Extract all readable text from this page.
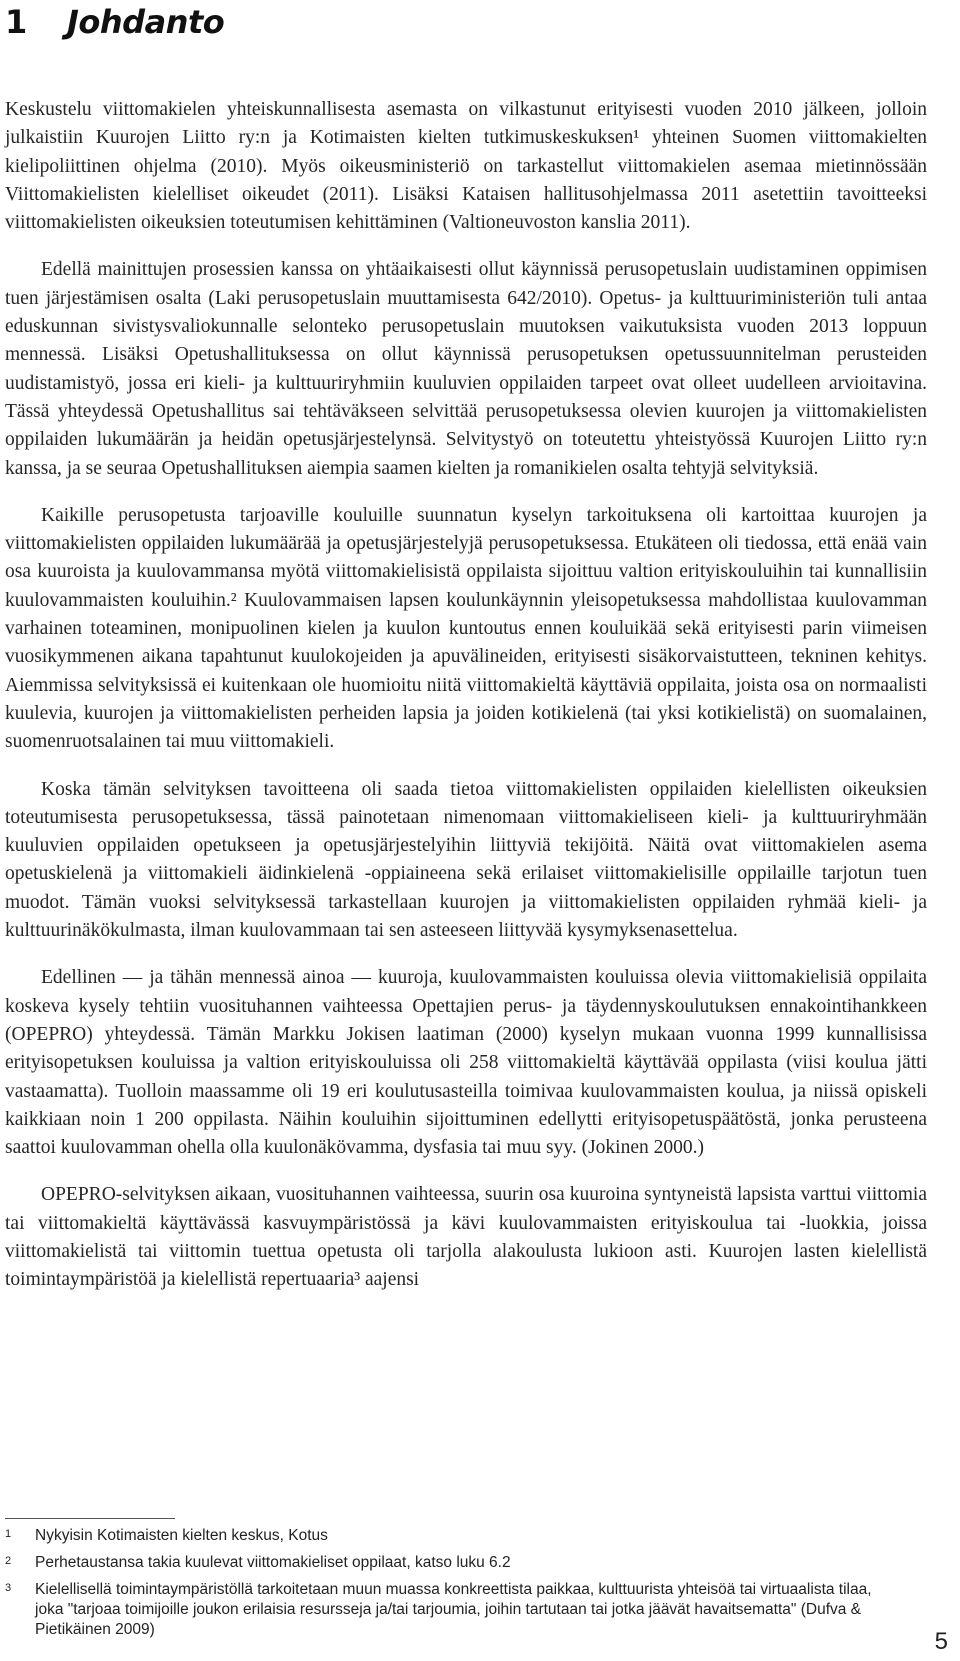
1 Johdanto

Keskustelu viittomakielen yhteiskunnallisesta asemasta on vilkastunut erityisesti vuoden 2010 jälkeen, jolloin julkaistiin Kuurojen Liitto ry:n ja Kotimaisten kielten tutkimuskeskuksen¹ yhteinen Suomen viittomakielten kielipoliittinen ohjelma (2010). Myös oikeusministeriö on tarkastellut viittomakielen asemaa mietinnössään Viittomakielisten kielelliset oikeudet (2011). Lisäksi Kataisen hallitusohjelmassa 2011 asetettiin tavoitteeksi viittomakielisten oikeuksien toteutumisen kehittäminen (Valtioneuvoston kanslia 2011).

Edellä mainittujen prosessien kanssa on yhtäaikaisesti ollut käynnissä perusopetuslain uudistaminen oppimisen tuen järjestämisen osalta (Laki perusopetuslain muuttamisesta 642/2010). Opetus- ja kulttuuriministeriön tuli antaa eduskunnan sivistysvaliokunnalle selonteko perusopetuslain muutoksen vaikutuksista vuoden 2013 loppuun mennessä. Lisäksi Opetushallituksessa on ollut käynnissä perusopetuksen opetussuunnitelman perusteiden uudistamistyö, jossa eri kieli- ja kulttuuriryhmiin kuuluvien oppilaiden tarpeet ovat olleet uudelleen arvioitavina. Tässä yhteydessä Opetushallitus sai tehtäväkseen selvittää perusopetuksessa olevien kuurojen ja viittomakielisten oppilaiden lukumäärän ja heidän opetusjärjestelynsä. Selvitystyö on toteutettu yhteistyössä Kuurojen Liitto ry:n kanssa, ja se seuraa Opetushallituksen aiempia saamen kielten ja romanikielen osalta tehtyjä selvityksiä.

Kaikille perusopetusta tarjoaville kouluille suunnatun kyselyn tarkoituksena oli kartoittaa kuurojen ja viittomakielisten oppilaiden lukumäärää ja opetusjärjestelyjä perusopetuksessa. Etukäteen oli tiedossa, että enää vain osa kuuroista ja kuulovammansa myötä viittomakielisistä oppilaista sijoittuu valtion erityiskouluihin tai kunnallisiin kuulovammaisten kouluihin.² Kuulovammaisen lapsen koulunkäynnin yleisopetuksessa mahdollistaa kuulovamman varhainen toteaminen, monipuolinen kielen ja kuulon kuntoutus ennen kouluikää sekä erityisesti parin viimeisen vuosikymmenen aikana tapahtunut kuulokojeiden ja apuvälineiden, erityisesti sisäkorvaistutteen, tekninen kehitys. Aiemmissa selvityksissä ei kuitenkaan ole huomioitu niitä viittomakieltä käyttäviä oppilaita, joista osa on normaalisti kuulevia, kuurojen ja viittomakielisten perheiden lapsia ja joiden kotikielenä (tai yksi kotikielistä) on suomalainen, suomenruotsalainen tai muu viittomakieli.

Koska tämän selvityksen tavoitteena oli saada tietoa viittomakielisten oppilaiden kielellisten oikeuksien toteutumisesta perusopetuksessa, tässä painotetaan nimenomaan viittomakieliseen kieli- ja kulttuuriryhmään kuuluvien oppilaiden opetukseen ja opetusjärjestelyihin liittyviä tekijöitä. Näitä ovat viittomakielen asema opetuskielenä ja viittomakieli äidinkielenä -oppiaineena sekä erilaiset viittomakielisille oppilaille tarjotun tuen muodot. Tämän vuoksi selvityksessä tarkastellaan kuurojen ja viittomakielisten oppilaiden ryhmää kieli- ja kulttuurinäkökulmasta, ilman kuulovammaan tai sen asteeseen liittyvää kysymyksenasettelua.

Edellinen — ja tähän mennessä ainoa — kuuroja, kuulovammaisten kouluissa olevia viittomakielisiä oppilaita koskeva kysely tehtiin vuosituhannen vaihteessa Opettajien perus- ja täydennyskoulutuksen ennakointihankkeen (OPEPRO) yhteydessä. Tämän Markku Jokisen laatiman (2000) kyselyn mukaan vuonna 1999 kunnallisissa erityisopetuksen kouluissa ja valtion erityiskouluissa oli 258 viittomakieltä käyttävää oppilasta (viisi koulua jätti vastaamatta). Tuolloin maassamme oli 19 eri koulutusasteilla toimivaa kuulovammaisten koulua, ja niissä opiskeli kaikkiaan noin 1 200 oppilasta. Näihin kouluihin sijoittuminen edellytti erityisopetuspäätöstä, jonka perusteena saattoi kuulovamman ohella olla kuulonäkövamma, dysfasia tai muu syy. (Jokinen 2000.)

OPEPRO-selvityksen aikaan, vuosituhannen vaihteessa, suurin osa kuuroina syntyneistä lapsista varttui viittomia tai viittomakieltä käyttävässä kasvuympäristössä ja kävi kuulovammaisten erityiskoulua tai -luokkia, joissa viittomakielistä tai viittomin tuettua opetusta oli tarjolla alakoulusta lukioon asti. Kuurojen lasten kielellistä toimintaympäristöä ja kielellistä repertuaaria³ aajensi

1 Nykyisin Kotimaisten kielten keskus, Kotus
2 Perhetaustansa takia kuulevat viittomakieliset oppilaat, katso luku 6.2
3 Kielellisellä toimintaympäristöllä tarkoitetaan muun muassa konkreettista paikkaa, kulttuurista yhteisöä tai virtuaalista tilaa, joka "tarjoaa toimijoille joukon erilaisia resursseja ja/tai tarjoumia, joihin tartutaan tai jotka jäävät havaitsematta" (Dufva & Pietikäinen 2009)	5
